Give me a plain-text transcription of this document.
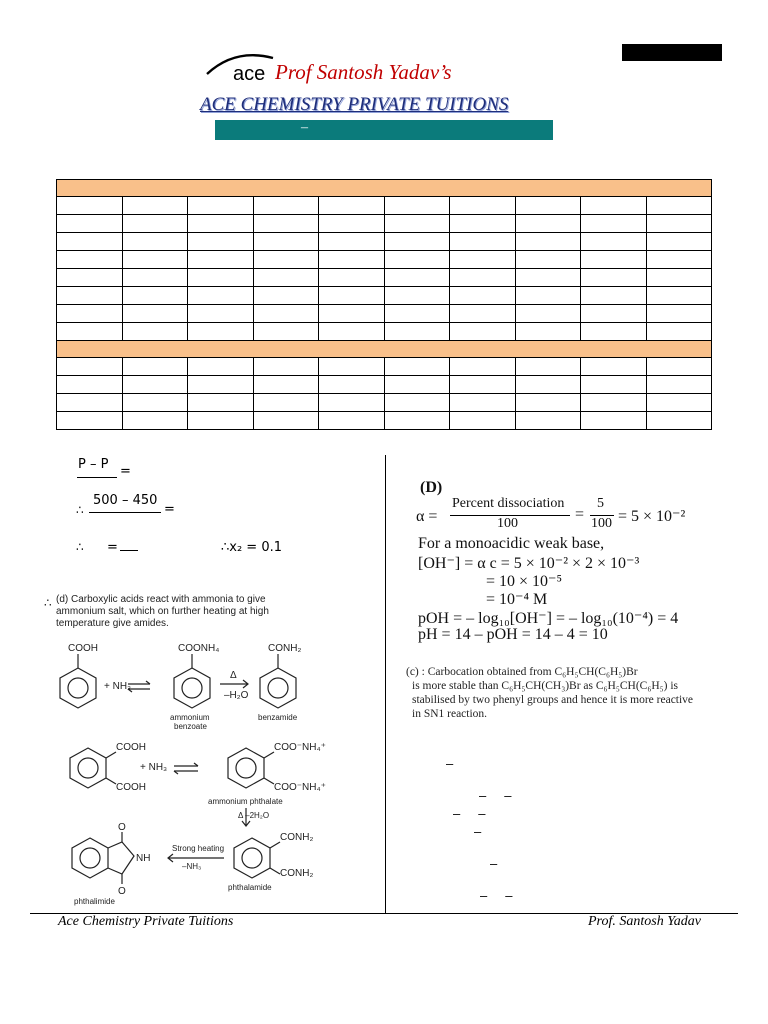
ace Prof Santosh Yadav’s
ACE CHEMISTRY PRIVATE TUITIONS
–

P – P =
∴
500 – 450
=
∴ =	∴x₂ = 0.1
∴ (d) Carboxylic acids react with ammonia to give
ammonium salt, which on further heating at high
temperature give amides.
COOH
+ NH₃
COONH₄
Δ
–H₂O
CONH₂
ammonium
benzoate
benzamide
COOH
COOH
+ NH₃
COO⁻NH₄⁺
COO⁻NH₄⁺
ammonium phthalate
Δ –2H₂O
CONH₂
CONH₂
Strong heating
–NH₃
NH
O
O	phthalamide
phthalimide
(D)
α =
Percent dissociation
100
=
5
100 = 5 × 10⁻²
For a monoacidic weak base,
[OH⁻] = α c = 5 × 10⁻² × 2 × 10⁻³
= 10 × 10⁻⁵
= 10⁻⁴ M
pOH = – log₁₀[OH⁻] = – log₁₀(10⁻⁴) = 4
pH = 14 – pOH = 14 – 4 = 10
(c) : Carbocation obtained from C₆H₅CH(C₆H₅)Br
is more stable than C₆H₅CH(CH₃)Br as C₆H₅CH(C₆H₅) is
stabilised by two phenyl groups and hence it is more reactive
in SN1 reaction.
–
–     –
–     –
–
–
–     –
Ace Chemistry Private Tuitions	Prof. Santosh Yadav
